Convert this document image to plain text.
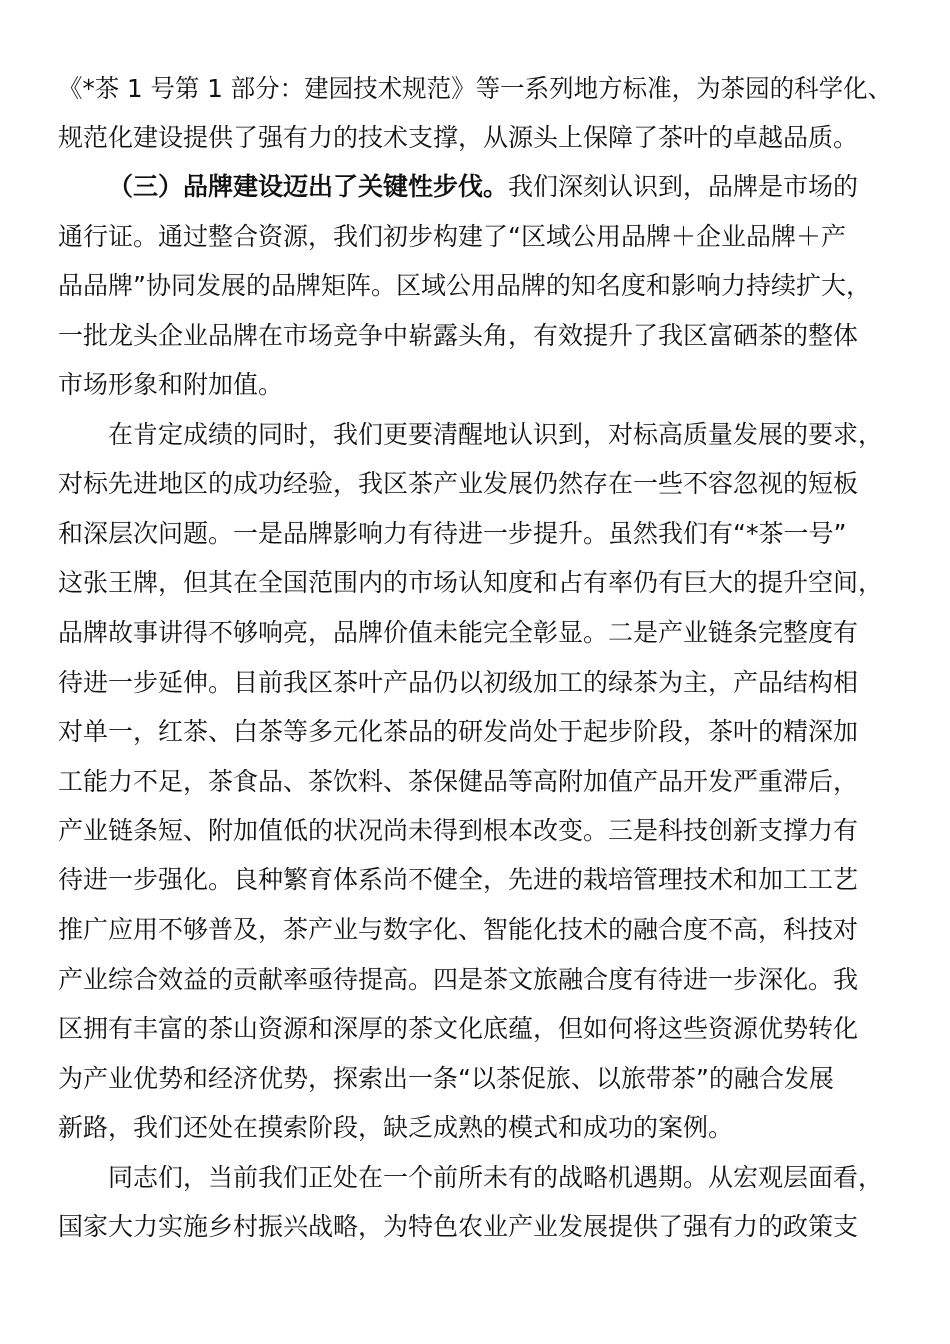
《*茶 1 号第 1 部分：建园技术规范》等一系列地方标准，为茶园的科学化、
规范化建设提供了强有力的技术支撑，从源头上保障了茶叶的卓越品质。
（三）品牌建设迈出了关键性步伐。我们深刻认识到，品牌是市场的
通行证。通过整合资源，我们初步构建了“区域公用品牌＋企业品牌＋产
品品牌”协同发展的品牌矩阵。区域公用品牌的知名度和影响力持续扩大，
一批龙头企业品牌在市场竞争中崭露头角，有效提升了我区富硒茶的整体
市场形象和附加值。
在肯定成绩的同时，我们更要清醒地认识到，对标高质量发展的要求，
对标先进地区的成功经验，我区茶产业发展仍然存在一些不容忽视的短板
和深层次问题。一是品牌影响力有待进一步提升。虽然我们有“*茶一号”
这张王牌，但其在全国范围内的市场认知度和占有率仍有巨大的提升空间，
品牌故事讲得不够响亮，品牌价值未能完全彰显。二是产业链条完整度有
待进一步延伸。目前我区茶叶产品仍以初级加工的绿茶为主，产品结构相
对单一，红茶、白茶等多元化茶品的研发尚处于起步阶段，茶叶的精深加
工能力不足，茶食品、茶饮料、茶保健品等高附加值产品开发严重滞后，
产业链条短、附加值低的状况尚未得到根本改变。三是科技创新支撑力有
待进一步强化。良种繁育体系尚不健全，先进的栽培管理技术和加工工艺
推广应用不够普及，茶产业与数字化、智能化技术的融合度不高，科技对
产业综合效益的贡献率亟待提高。四是茶文旅融合度有待进一步深化。我
区拥有丰富的茶山资源和深厚的茶文化底蕴，但如何将这些资源优势转化
为产业优势和经济优势，探索出一条“以茶促旅、以旅带茶”的融合发展
新路，我们还处在摸索阶段，缺乏成熟的模式和成功的案例。
同志们，当前我们正处在一个前所未有的战略机遇期。从宏观层面看，
国家大力实施乡村振兴战略，为特色农业产业发展提供了强有力的政策支
